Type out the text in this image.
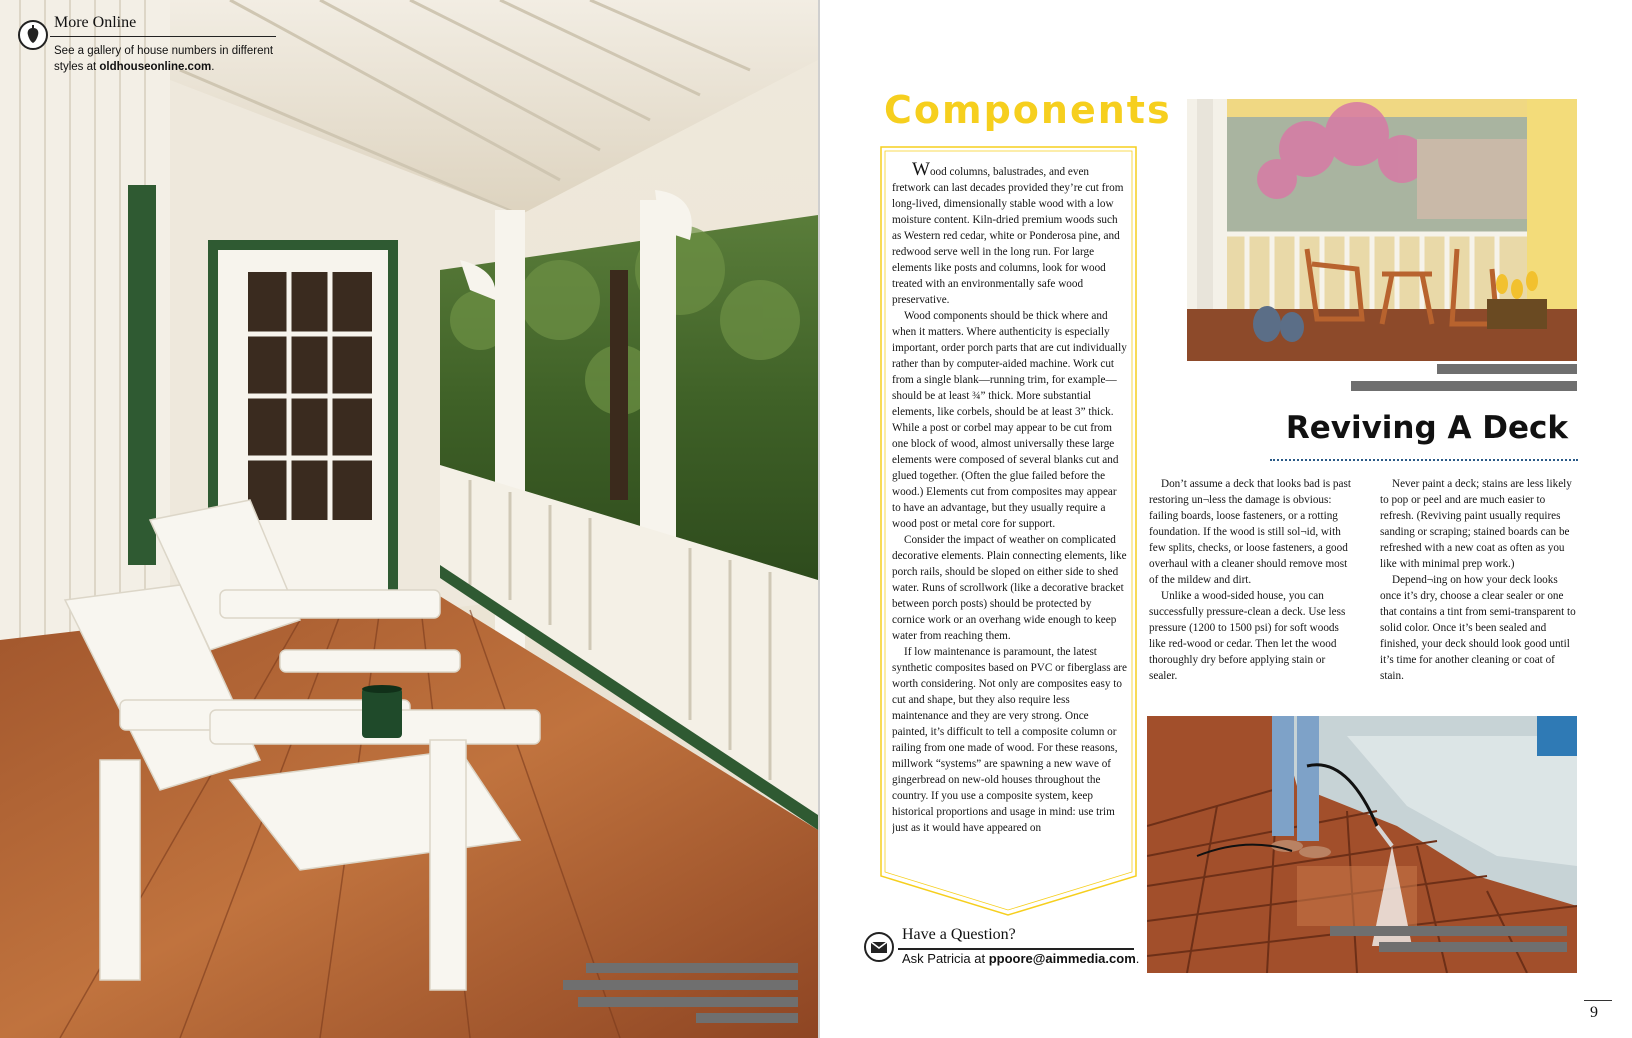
More Online
See a gallery of house numbers in different styles at oldhouseonline.com.
Components

Wood columns, balustrades, and even fretwork can last decades provided they’re cut from long-lived, dimensionally stable wood with a low moisture content. Kiln-dried premium woods such as Western red cedar, white or Ponderosa pine, and redwood serve well in the long run. For large elements like posts and columns, look for wood treated with an environmentally safe wood preservative.

Wood components should be thick where and when it matters. Where authenticity is especially important, order porch parts that are cut individually rather than by computer-aided machine. Work cut from a single blank—running trim, for example—should be at least ¾” thick. More substantial elements, like corbels, should be at least 3” thick. While a post or corbel may appear to be cut from one block of wood, almost universally these large elements were composed of several blanks cut and glued together. (Often the glue failed before the wood.) Elements cut from composites may appear to have an advantage, but they usually require a wood post or metal core for support.

Consider the impact of weather on complicated decorative elements. Plain connecting elements, like porch rails, should be sloped on either side to shed water. Runs of scrollwork (like a decorative bracket between porch posts) should be protected by cornice work or an overhang wide enough to keep water from reaching them.

If low maintenance is paramount, the latest synthetic composites based on PVC or fiberglass are worth considering. Not only are composites easy to cut and shape, but they also require less maintenance and they are very strong. Once painted, it’s difficult to tell a composite column or railing from one made of wood. For these reasons, millwork “systems” are spawning a new wave of gingerbread on new-old houses throughout the country. If you use a composite system, keep historical proportions and usage in mind: use trim just as it would have appeared on

Have a Question?
Ask Patricia at ppoore@aimmedia.com.
Reviving A Deck

Don’t assume a deck that looks bad is past restoring un¬less the damage is obvious: failing boards, loose fasteners, or a rotting foundation. If the wood is still sol¬id, with few splits, checks, or loose fasteners, a good overhaul with a cleaner should remove most of the mildew and dirt.

Unlike a wood-sided house, you can successfully pressure-clean a deck. Use less pressure (1200 to 1500 psi) for soft woods like red-wood or cedar. Then let the wood thoroughly dry before applying stain or sealer.

Never paint a deck; stains are less likely to pop or peel and are much easier to refresh. (Reviving paint usually requires sanding or scraping; stained boards can be refreshed with a new coat as often as you like with minimal prep work.)

Depend¬ing on how your deck looks once it’s dry, choose a clear sealer or one that contains a tint from semi-transparent to solid color. Once it’s been sealed and finished, your deck should look good until it’s time for another cleaning or coat of stain.

9
